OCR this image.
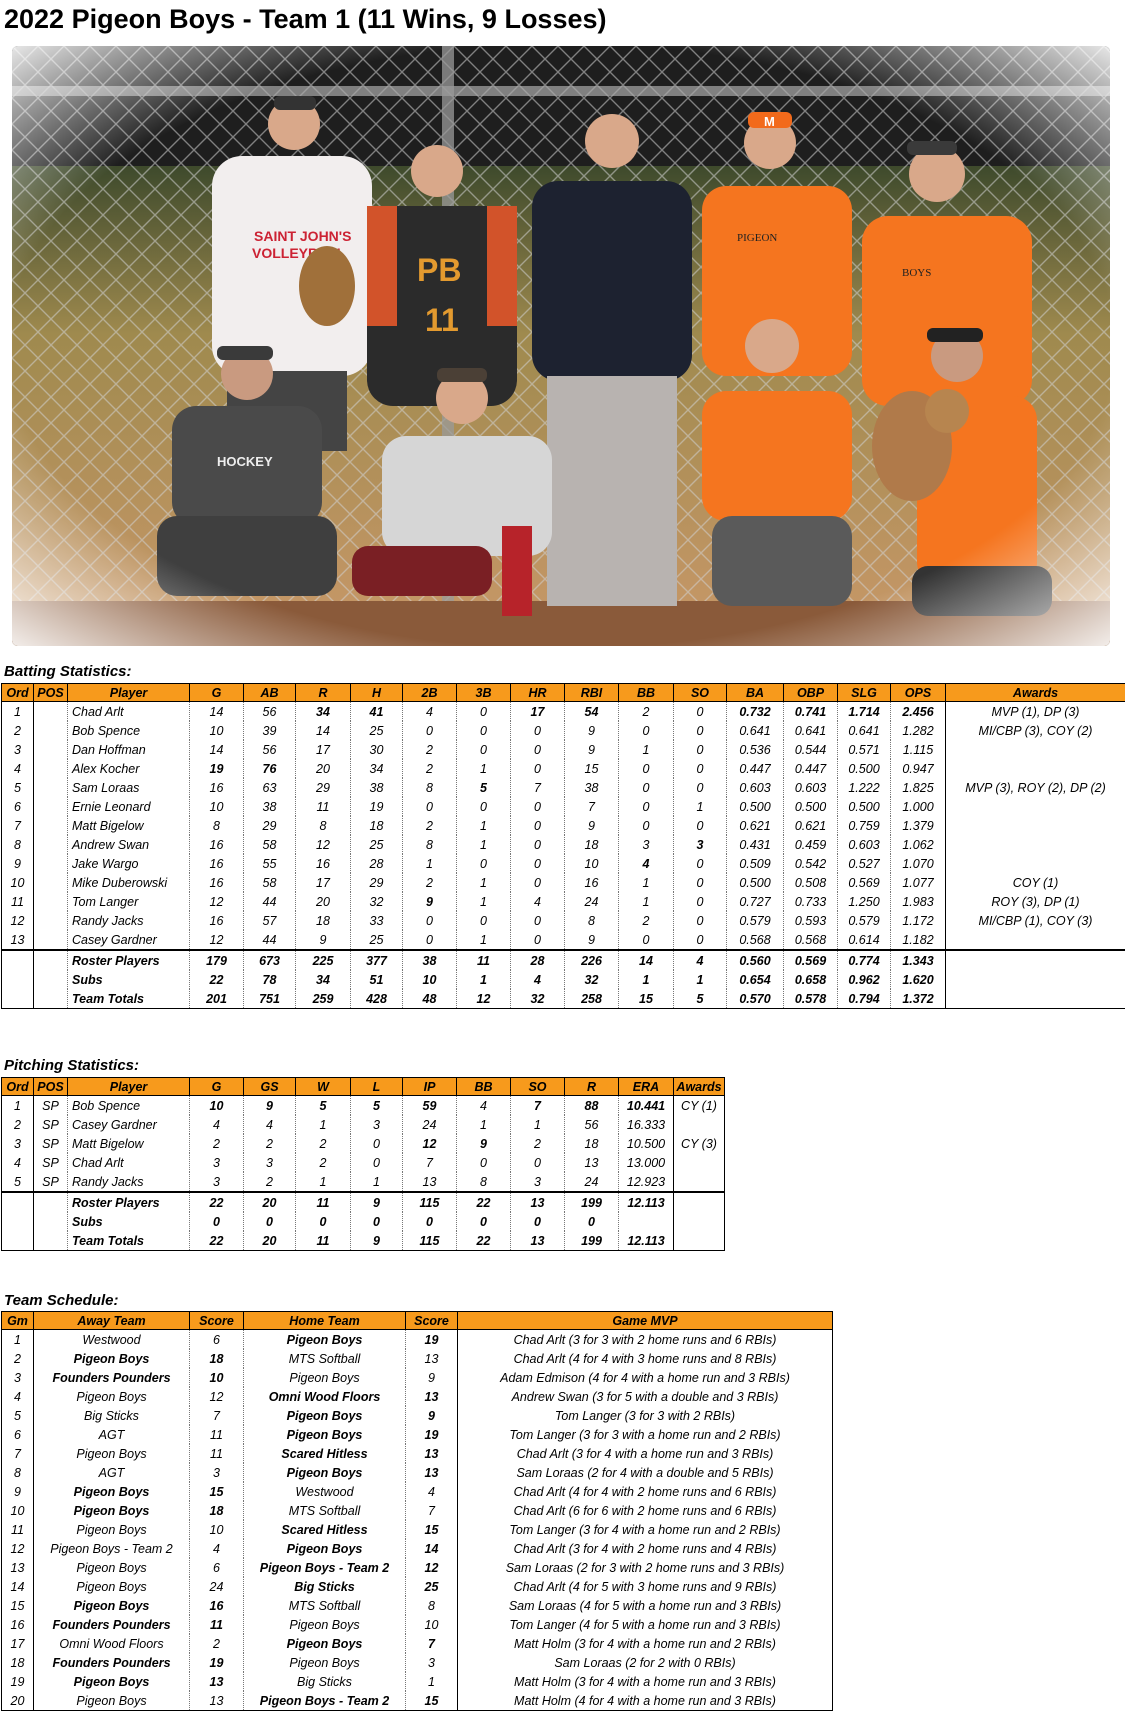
2022 Pigeon Boys - Team 1 (11 Wins, 9 Losses)
Batting Statistics:
Ord	POS	Player	G	AB	R	H	2B	3B	HR	RBI	BB	SO	BA	OBP	SLG	OPS	Awards
1		Chad Arlt	14	56	34	41	4	0	17	54	2	0	0.732	0.741	1.714	2.456	MVP (1), DP (3)
2		Bob Spence	10	39	14	25	0	0	0	9	0	0	0.641	0.641	0.641	1.282	MI/CBP (3), COY (2)
3		Dan Hoffman	14	56	17	30	2	0	0	9	1	0	0.536	0.544	0.571	1.115	
4		Alex Kocher	19	76	20	34	2	1	0	15	0	0	0.447	0.447	0.500	0.947	
5		Sam Loraas	16	63	29	38	8	5	7	38	0	0	0.603	0.603	1.222	1.825	MVP (3), ROY (2), DP (2)
6		Ernie Leonard	10	38	11	19	0	0	0	7	0	1	0.500	0.500	0.500	1.000	
7		Matt Bigelow	8	29	8	18	2	1	0	9	0	0	0.621	0.621	0.759	1.379	
8		Andrew Swan	16	58	12	25	8	1	0	18	3	3	0.431	0.459	0.603	1.062	
9		Jake Wargo	16	55	16	28	1	0	0	10	4	0	0.509	0.542	0.527	1.070	
10		Mike Duberowski	16	58	17	29	2	1	0	16	1	0	0.500	0.508	0.569	1.077	COY (1)
11		Tom Langer	12	44	20	32	9	1	4	24	1	0	0.727	0.733	1.250	1.983	ROY (3), DP (1)
12		Randy Jacks	16	57	18	33	0	0	0	8	2	0	0.579	0.593	0.579	1.172	MI/CBP (1), COY (3)
13		Casey Gardner	12	44	9	25	0	1	0	9	0	0	0.568	0.568	0.614	1.182	
		Roster Players	179	673	225	377	38	11	28	226	14	4	0.560	0.569	0.774	1.343	
		Subs	22	78	34	51	10	1	4	32	1	1	0.654	0.658	0.962	1.620	
		Team Totals	201	751	259	428	48	12	32	258	15	5	0.570	0.578	0.794	1.372	
Pitching Statistics:
Ord	POS	Player	G	GS	W	L	IP	BB	SO	R	ERA	Awards
1	SP	Bob Spence	10	9	5	5	59	4	7	88	10.441	CY (1)
2	SP	Casey Gardner	4	4	1	3	24	1	1	56	16.333	
3	SP	Matt Bigelow	2	2	2	0	12	9	2	18	10.500	CY (3)
4	SP	Chad Arlt	3	3	2	0	7	0	0	13	13.000	
5	SP	Randy Jacks	3	2	1	1	13	8	3	24	12.923	
		Roster Players	22	20	11	9	115	22	13	199	12.113	
		Subs	0	0	0	0	0	0	0	0		
		Team Totals	22	20	11	9	115	22	13	199	12.113	
Team Schedule:
Gm	Away Team	Score	Home Team	Score	Game MVP
1	Westwood	6	Pigeon Boys	19	Chad Arlt (3 for 3 with 2 home runs and 6 RBIs)
2	Pigeon Boys	18	MTS Softball	13	Chad Arlt (4 for 4 with 3 home runs and 8 RBIs)
3	Founders Pounders	10	Pigeon Boys	9	Adam Edmison (4 for 4 with a home run and 3 RBIs)
4	Pigeon Boys	12	Omni Wood Floors	13	Andrew Swan (3 for 5 with a double and 3 RBIs)
5	Big Sticks	7	Pigeon Boys	9	Tom Langer (3 for 3 with 2 RBIs)
6	AGT	11	Pigeon Boys	19	Tom Langer (3 for 3 with a home run and 2 RBIs)
7	Pigeon Boys	11	Scared Hitless	13	Chad Arlt (3 for 4 with a home run and 3 RBIs)
8	AGT	3	Pigeon Boys	13	Sam Loraas (2 for 4 with a double and 5 RBIs)
9	Pigeon Boys	15	Westwood	4	Chad Arlt (4 for 4 with 2 home runs and 6 RBIs)
10	Pigeon Boys	18	MTS Softball	7	Chad Arlt (6 for 6 with 2 home runs and 6 RBIs)
11	Pigeon Boys	10	Scared Hitless	15	Tom Langer (3 for 4 with a home run and 2 RBIs)
12	Pigeon Boys - Team 2	4	Pigeon Boys	14	Chad Arlt (3 for 4 with 2 home runs and 4 RBIs)
13	Pigeon Boys	6	Pigeon Boys - Team 2	12	Sam Loraas (2 for 3 with 2 home runs and 3 RBIs)
14	Pigeon Boys	24	Big Sticks	25	Chad Arlt (4 for 5 with 3 home runs and 9 RBIs)
15	Pigeon Boys	16	MTS Softball	8	Sam Loraas (4 for 5 with a home run and 3 RBIs)
16	Founders Pounders	11	Pigeon Boys	10	Tom Langer (4 for 5 with a home run and 3 RBIs)
17	Omni Wood Floors	2	Pigeon Boys	7	Matt Holm (3 for 4 with a home run and 2 RBIs)
18	Founders Pounders	19	Pigeon Boys	3	Sam Loraas (2 for 2 with 0 RBIs)
19	Pigeon Boys	13	Big Sticks	1	Matt Holm (3 for 4 with a home run and 3 RBIs)
20	Pigeon Boys	13	Pigeon Boys - Team 2	15	Matt Holm (4 for 4 with a home run and 3 RBIs)
